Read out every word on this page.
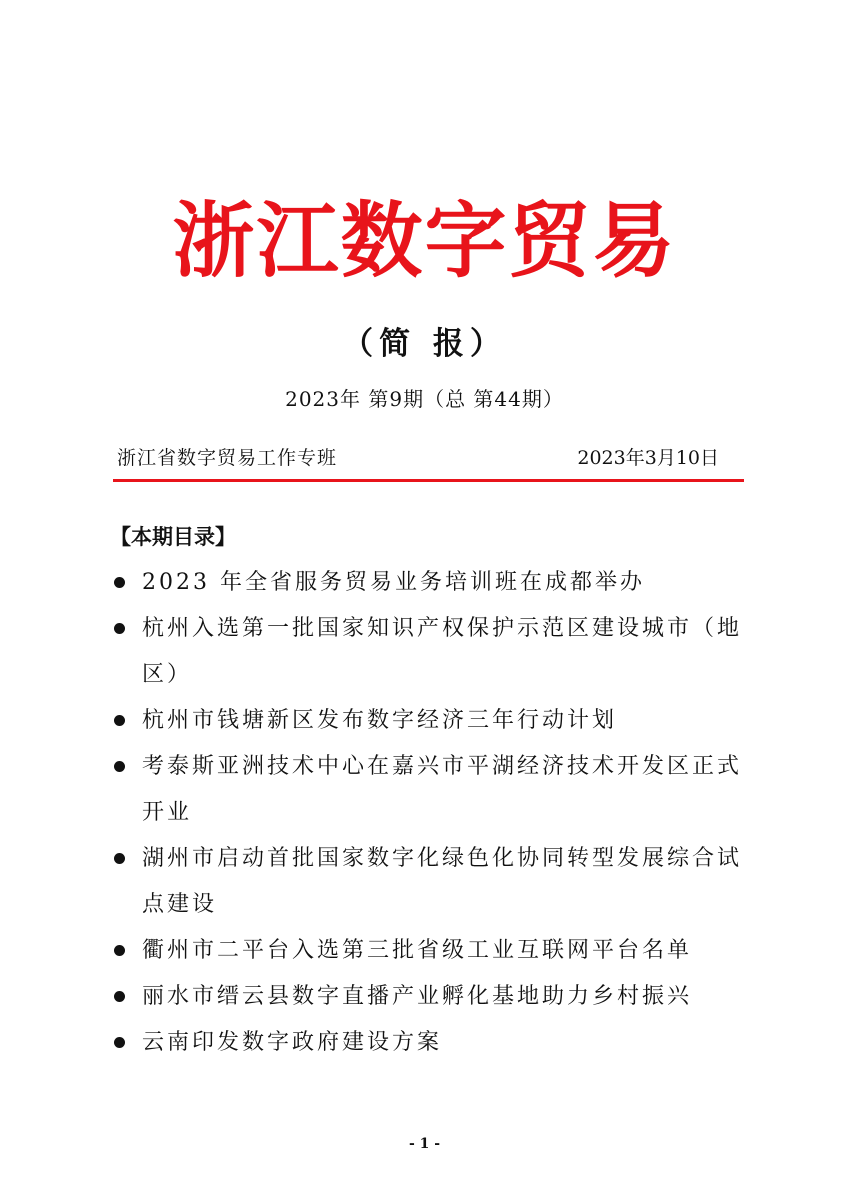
浙江数字贸易
（简 报）
2023年 第9期（总 第44期）
浙江省数字贸易工作专班	2023年3月10日
【本期目录】
2023 年全省服务贸易业务培训班在成都举办
杭州入选第一批国家知识产权保护示范区建设城市（地区）
杭州市钱塘新区发布数字经济三年行动计划
考泰斯亚洲技术中心在嘉兴市平湖经济技术开发区正式开业
湖州市启动首批国家数字化绿色化协同转型发展综合试点建设
衢州市二平台入选第三批省级工业互联网平台名单
丽水市缙云县数字直播产业孵化基地助力乡村振兴
云南印发数字政府建设方案
- 1 -
